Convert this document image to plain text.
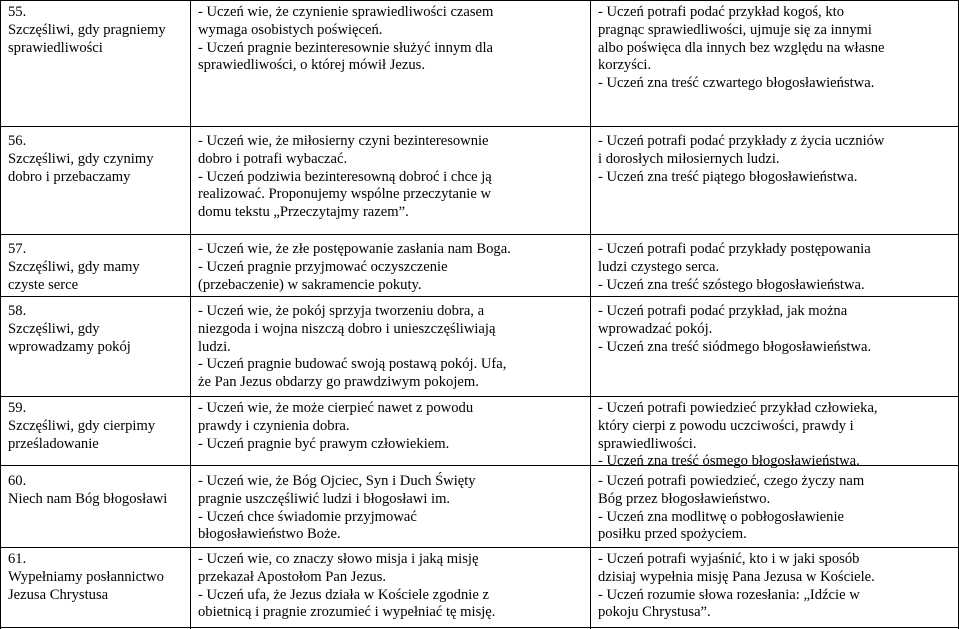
55.
Szczęśliwi, gdy pragniemy
sprawiedliwości
- Uczeń wie, że czynienie sprawiedliwości czasem
wymaga osobistych poświęceń.
- Uczeń pragnie bezinteresownie służyć innym dla
sprawiedliwości, o której mówił Jezus.
- Uczeń potrafi podać przykład kogoś, kto
pragnąc sprawiedliwości, ujmuje się za innymi
albo poświęca dla innych bez względu na własne
korzyści.
- Uczeń zna treść czwartego błogosławieństwa.
56.
Szczęśliwi, gdy czynimy
dobro i przebaczamy
- Uczeń wie, że miłosierny czyni bezinteresownie
dobro i potrafi wybaczać.
- Uczeń podziwia bezinteresowną dobroć i chce ją
realizować. Proponujemy wspólne przeczytanie w
domu tekstu „Przeczytajmy razem”.
- Uczeń potrafi podać przykłady z życia uczniów
i dorosłych miłosiernych ludzi.
- Uczeń zna treść piątego błogosławieństwa.
57.
Szczęśliwi, gdy mamy
czyste serce
- Uczeń wie, że złe postępowanie zasłania nam Boga.
- Uczeń pragnie przyjmować oczyszczenie
(przebaczenie) w sakramencie pokuty.
- Uczeń potrafi podać przykłady postępowania
ludzi czystego serca.
- Uczeń zna treść szóstego błogosławieństwa.
58.
Szczęśliwi, gdy
wprowadzamy pokój
- Uczeń wie, że pokój sprzyja tworzeniu dobra, a
niezgoda i wojna niszczą dobro i unieszczęśliwiają
ludzi.
- Uczeń pragnie budować swoją postawą pokój. Ufa,
że Pan Jezus obdarzy go prawdziwym pokojem.
- Uczeń potrafi podać przykład, jak można
wprowadzać pokój.
- Uczeń zna treść siódmego błogosławieństwa.
59.
Szczęśliwi, gdy cierpimy
prześladowanie
- Uczeń wie, że może cierpieć nawet z powodu
prawdy i czynienia dobra.
- Uczeń pragnie być prawym człowiekiem.
- Uczeń potrafi powiedzieć przykład człowieka,
który cierpi z powodu uczciwości, prawdy i
sprawiedliwości.
- Uczeń zna treść ósmego błogosławieństwa.
60.
Niech nam Bóg błogosławi
- Uczeń wie, że Bóg Ojciec, Syn i Duch Święty
pragnie uszczęśliwić ludzi i błogosławi im.
- Uczeń chce świadomie przyjmować
błogosławieństwo Boże.
- Uczeń potrafi powiedzieć, czego życzy nam
Bóg przez błogosławieństwo.
- Uczeń zna modlitwę o pobłogosławienie
posiłku przed spożyciem.
61.
Wypełniamy posłannictwo
Jezusa Chrystusa
- Uczeń wie, co znaczy słowo misja i jaką misję
przekazał Apostołom Pan Jezus.
- Uczeń ufa, że Jezus działa w Kościele zgodnie z
obietnicą i pragnie zrozumieć i wypełniać tę misję.
- Uczeń potrafi wyjaśnić, kto i w jaki sposób
dzisiaj wypełnia misję Pana Jezusa w Kościele.
- Uczeń rozumie słowa rozesłania: „Idźcie w
pokoju Chrystusa”.
